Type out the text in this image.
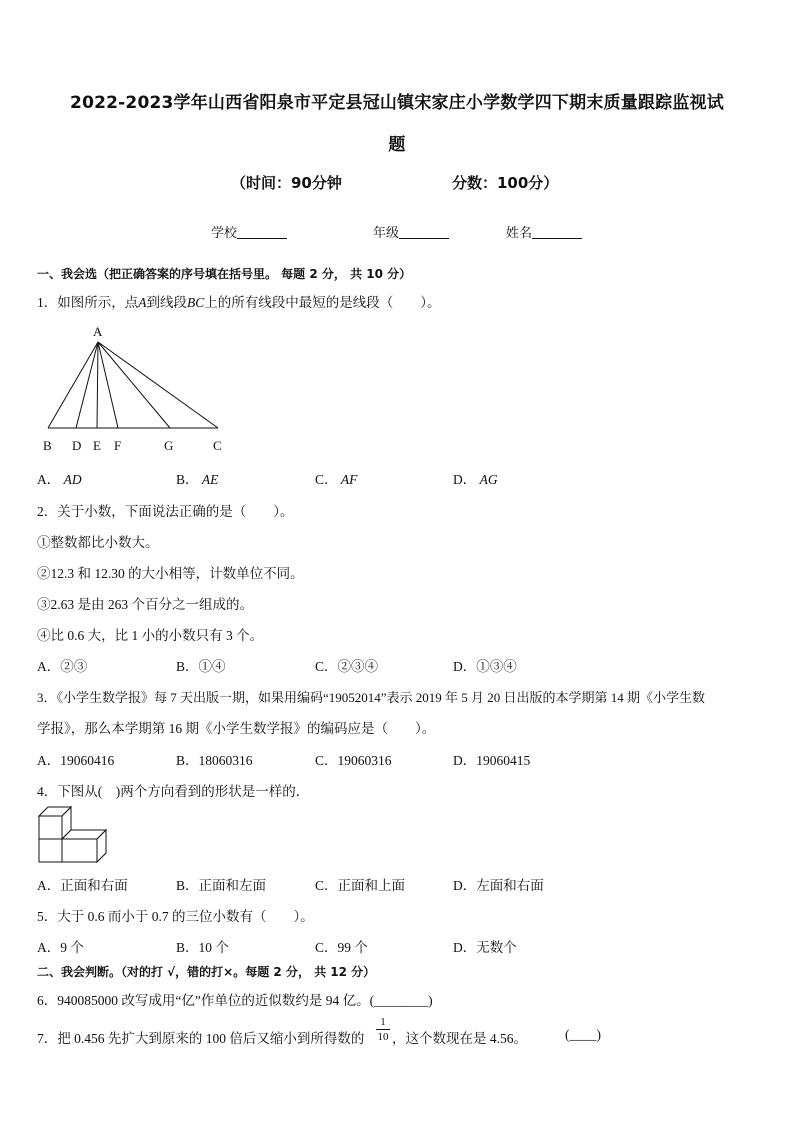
2022-2023学年山西省阳泉市平定县冠山镇宋家庄小学数学四下期末质量跟踪监视试
题
（时间：90分钟	分数：100分）
学校	年级	姓名
一、我会选（把正确答案的序号填在括号里。 每题 2 分， 共 10 分）
1．如图所示，点A到线段BC上的所有线段中最短的是线段（　　）。
A
B D E F	G	C
A． AD	B． AE	C． AF	D． AG
2．关于小数，下面说法正确的是（　　）。
①整数都比小数大。
②12.3 和 12.30 的大小相等，计数单位不同。
③2.63 是由 263 个百分之一组成的。
④比 0.6 大，比 1 小的小数只有 3 个。
A．②③	B．①④	C．②③④	D．①③④
3．《小学生数学报》每 7 天出版一期，如果用编码“19052014”表示 2019 年 5 月 20 日出版的本学期第 14 期《小学生数
学报》，那么本学期第 16 期《小学生数学报》的编码应是（　　）。
A．19060416	B．18060316	C．19060316	D．19060415
4．下图从(　)两个方向看到的形状是一样的．
A．正面和右面	B．正面和左面	C．正面和上面	D．左面和右面
5．大于 0.6 而小于 0.7 的三位小数有（　　）。
A．9 个	B．10 个	C．99 个	D．无数个
二、我会判断。（对的打 √，错的打×。每题 2 分， 共 12 分）
6．940085000 改写成用“亿”作单位的近似数约是 94 亿。(________)
7．把 0.456 先扩大到原来的 100 倍后又缩小到所得数的
1
10 ，这个数现在是 4.56。	(____)
